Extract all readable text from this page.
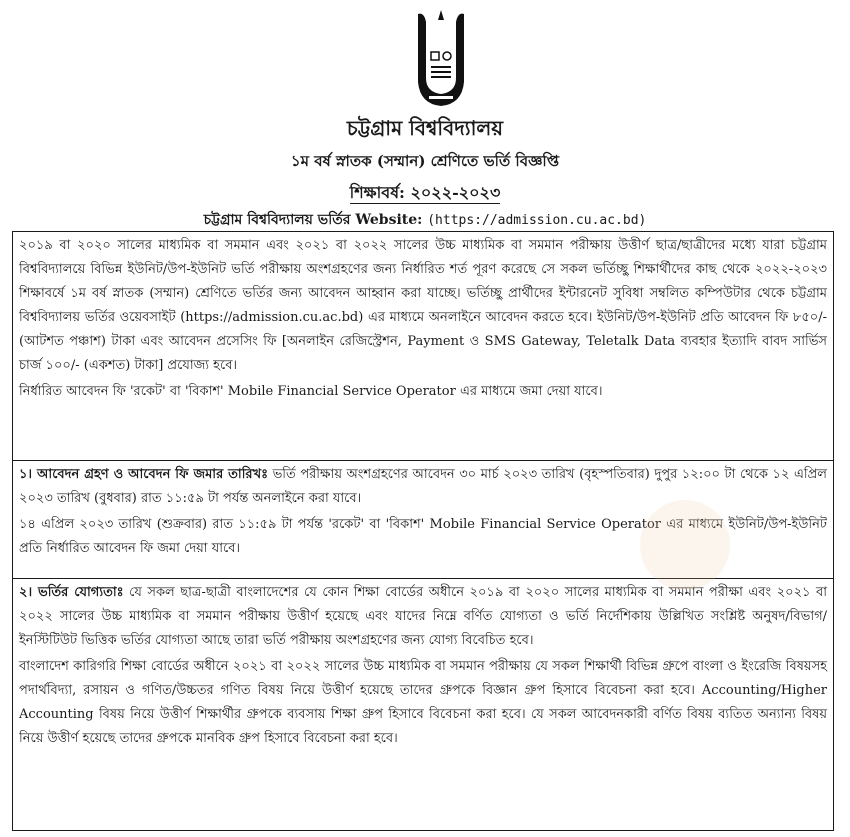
চট্টগ্রাম বিশ্ববিদ্যালয়
১ম বর্ষ স্নাতক (সম্মান) শ্রেণিতে ভর্তি বিজ্ঞপ্তি
শিক্ষাবর্ষ: ২০২২-২০২৩
চট্টগ্রাম বিশ্ববিদ্যালয় ভর্তির Website: (https://admission.cu.ac.bd)

২০১৯ বা ২০২০ সালের মাধ্যমিক বা সমমান এবং ২০২১ বা ২০২২ সালের উচ্চ মাধ্যমিক বা সমমান পরীক্ষায় উত্তীর্ণ ছাত্র/ছাত্রীদের মধ্যে যারা চট্টগ্রাম বিশ্ববিদ্যালয়ে বিভিন্ন ইউনিট/উপ-ইউনিট ভর্তি পরীক্ষায় অংশগ্রহণের জন্য নির্ধারিত শর্ত পূরণ করেছে সে সকল ভর্তিচ্ছু শিক্ষার্থীদের কাছ থেকে ২০২২-২০২৩ শিক্ষাবর্ষে ১ম বর্ষ স্নাতক (সম্মান) শ্রেণিতে ভর্তির জন্য আবেদন আহ্বান করা যাচ্ছে। ভর্তিচ্ছু প্রার্থীদের ইন্টারনেট সুবিধা সম্বলিত কম্পিউটার থেকে চট্টগ্রাম বিশ্ববিদ্যালয় ভর্তির ওয়েবসাইট (https://admission.cu.ac.bd) এর মাধ্যমে অনলাইনে আবেদন করতে হবে। ইউনিট/উপ-ইউনিট প্রতি আবেদন ফি ৮৫০/-(আটশত পঞ্চাশ) টাকা এবং আবেদন প্রসেসিং ফি [অনলাইন রেজিস্ট্রেশন, Payment ও SMS Gateway, Teletalk Data ব্যবহার ইত্যাদি বাবদ সার্ভিস চার্জ ১০০/- (একশত) টাকা] প্রযোজ্য হবে।

নির্ধারিত আবেদন ফি 'রকেট' বা 'বিকাশ' Mobile Financial Service Operator এর মাধ্যমে জমা দেয়া যাবে।

১। আবেদন গ্রহণ ও আবেদন ফি জমার তারিখঃ ভর্তি পরীক্ষায় অংশগ্রহণের আবেদন ৩০ মার্চ ২০২৩ তারিখ (বৃহস্পতিবার) দুপুর ১২:০০ টা থেকে ১২ এপ্রিল ২০২৩ তারিখ (বুধবার) রাত ১১:৫৯ টা পর্যন্ত অনলাইনে করা যাবে।

১৪ এপ্রিল ২০২৩ তারিখ (শুক্রবার) রাত ১১:৫৯ টা পর্যন্ত 'রকেট' বা 'বিকাশ' Mobile Financial Service Operator এর মাধ্যমে ইউনিট/উপ-ইউনিট প্রতি নির্ধারিত আবেদন ফি জমা দেয়া যাবে।

২। ভর্তির যোগ্যতাঃ যে সকল ছাত্র-ছাত্রী বাংলাদেশের যে কোন শিক্ষা বোর্ডের অধীনে ২০১৯ বা ২০২০ সালের মাধ্যমিক বা সমমান পরীক্ষা এবং ২০২১ বা ২০২২ সালের উচ্চ মাধ্যমিক বা সমমান পরীক্ষায় উত্তীর্ণ হয়েছে এবং যাদের নিম্নে বর্ণিত যোগ্যতা ও ভর্তি নির্দেশিকায় উল্লিখিত সংশ্লিষ্ট অনুষদ/বিভাগ/ইনস্টিটিউট ভিত্তিক ভর্তির যোগ্যতা আছে তারা ভর্তি পরীক্ষায় অংশগ্রহণের জন্য যোগ্য বিবেচিত হবে।

বাংলাদেশ কারিগরি শিক্ষা বোর্ডের অধীনে ২০২১ বা ২০২২ সালের উচ্চ মাধ্যমিক বা সমমান পরীক্ষায় যে সকল শিক্ষার্থী বিভিন্ন গ্রুপে বাংলা ও ইংরেজি বিষয়সহ পদার্থবিদ্যা, রসায়ন ও গণিত/উচ্চতর গণিত বিষয় নিয়ে উত্তীর্ণ হয়েছে তাদের গ্রুপকে বিজ্ঞান গ্রুপ হিসাবে বিবেচনা করা হবে। Accounting/Higher Accounting বিষয় নিয়ে উত্তীর্ণ শিক্ষার্থীর গ্রুপকে ব্যবসায় শিক্ষা গ্রুপ হিসাবে বিবেচনা করা হবে। যে সকল আবেদনকারী বর্ণিত বিষয় ব্যতিত অন্যান্য বিষয় নিয়ে উত্তীর্ণ হয়েছে তাদের গ্রুপকে মানবিক গ্রুপ হিসাবে বিবেচনা করা হবে।
